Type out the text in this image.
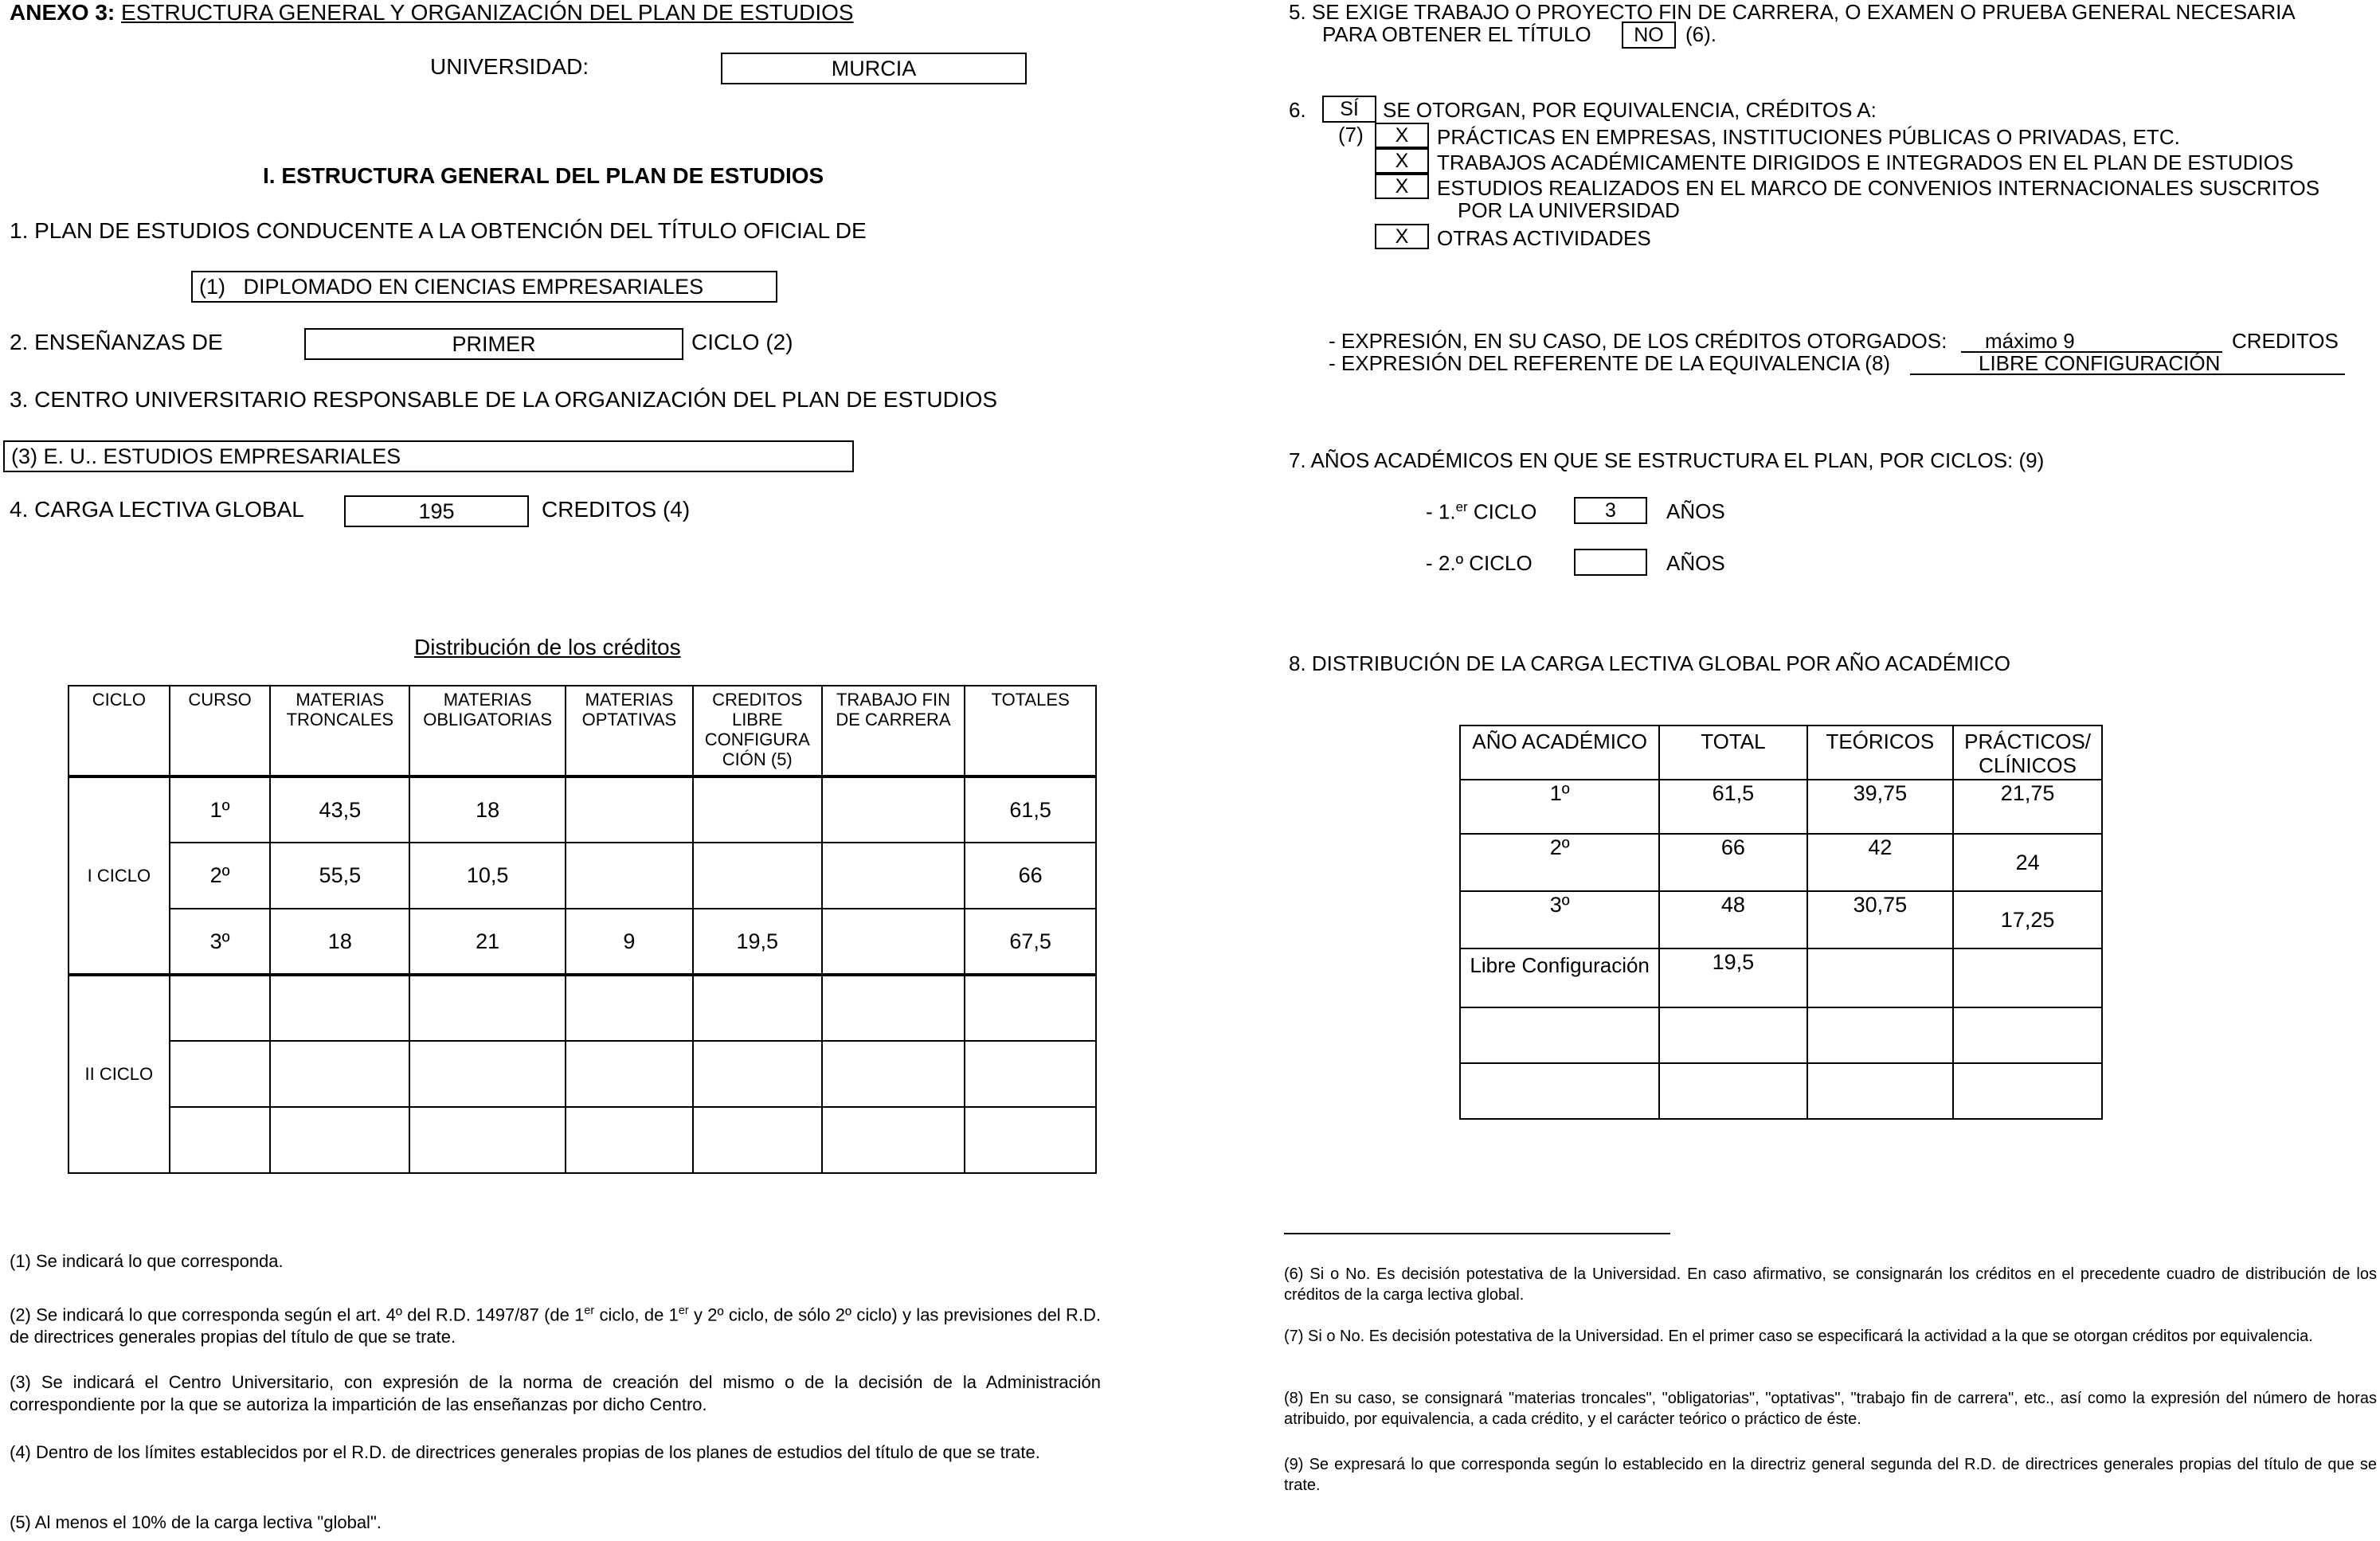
ANEXO 3: ESTRUCTURA GENERAL Y ORGANIZACIÓN DEL PLAN DE ESTUDIOS
UNIVERSIDAD:	MURCIA
I. ESTRUCTURA GENERAL DEL PLAN DE ESTUDIOS
1. PLAN DE ESTUDIOS CONDUCENTE A LA OBTENCIÓN DEL TÍTULO OFICIAL DE
(1)   DIPLOMADO EN CIENCIAS EMPRESARIALES
2. ENSEÑANZAS DE	PRIMER	CICLO (2)
3. CENTRO UNIVERSITARIO RESPONSABLE DE LA ORGANIZACIÓN DEL PLAN DE ESTUDIOS
(3) E. U.. ESTUDIOS EMPRESARIALES
4. CARGA LECTIVA GLOBAL	195	CREDITOS (4)
Distribución de los créditos
CICLO	CURSO	MATERIAS TRONCALES	MATERIAS OBLIGATORIAS	MATERIAS OPTATIVAS	CREDITOS LIBRE CONFIGURA CIÓN (5)	TRABAJO FIN DE CARRERA	TOTALES
	1º	43,5	18				61,5
I CICLO	2º	55,5	10,5				66
	3º	18	21	9	19,5		67,5

II CICLO							

(1) Se indicará lo que corresponda.
(2) Se indicará lo que corresponda según el art. 4º del R.D. 1497/87 (de 1er ciclo, de 1er y 2º ciclo, de sólo 2º ciclo) y las previsiones del R.D. de directrices generales propias del título de que se trate.
(3) Se indicará el Centro Universitario, con expresión de la norma de creación del mismo o de la decisión de la Administración correspondiente por la que se autoriza la impartición de las enseñanzas por dicho Centro.
(4) Dentro de los límites establecidos por el R.D. de directrices generales propias de los planes de estudios del título de que se trate.
(5) Al menos el 10% de la carga lectiva "global".
5. SE EXIGE TRABAJO O PROYECTO FIN DE CARRERA, O EXAMEN O PRUEBA GENERAL NECESARIA
PARA OBTENER EL TÍTULO	NO	(6).
6.	SÍ	SE OTORGAN, POR EQUIVALENCIA, CRÉDITOS A:
(7)	X	PRÁCTICAS EN EMPRESAS, INSTITUCIONES PÚBLICAS O PRIVADAS, ETC.
X	TRABAJOS ACADÉMICAMENTE DIRIGIDOS E INTEGRADOS EN EL PLAN DE ESTUDIOS
X	ESTUDIOS REALIZADOS EN EL MARCO DE CONVENIOS INTERNACIONALES SUSCRITOS
POR LA UNIVERSIDAD
X	OTRAS ACTIVIDADES
- EXPRESIÓN, EN SU CASO, DE LOS CRÉDITOS OTORGADOS:	máximo 9	CREDITOS
- EXPRESIÓN DEL REFERENTE DE LA EQUIVALENCIA (8)	LIBRE CONFIGURACIÓN
7. AÑOS ACADÉMICOS EN QUE SE ESTRUCTURA EL PLAN, POR CICLOS: (9)
- 1.$^{er}$ CICLO	3	AÑOS
- 2.º CICLO	AÑOS
8. DISTRIBUCIÓN DE LA CARGA LECTIVA GLOBAL POR AÑO ACADÉMICO
AÑO ACADÉMICO	TOTAL	TEÓRICOS	PRÁCTICOS/ CLÍNICOS
1º	61,5	39,75	21,75
2º	66	42	24
3º	48	30,75	17,25
Libre Configuración	19,5		

(6) Si o No. Es decisión potestativa de la Universidad. En caso afirmativo, se consignarán los créditos en el precedente cuadro de distribución de los créditos de la carga lectiva global.
(7) Si o No. Es decisión potestativa de la Universidad. En el primer caso se especificará la actividad a la que se otorgan créditos por equivalencia.
(8) En su caso, se consignará "materias troncales", "obligatorias", "optativas", "trabajo fin de carrera", etc., así como la expresión del número de horas atribuido, por equivalencia, a cada crédito, y el carácter teórico o práctico de éste.
(9) Se expresará lo que corresponda según lo establecido en la directriz general segunda del R.D. de directrices generales propias del título de que se trate.
